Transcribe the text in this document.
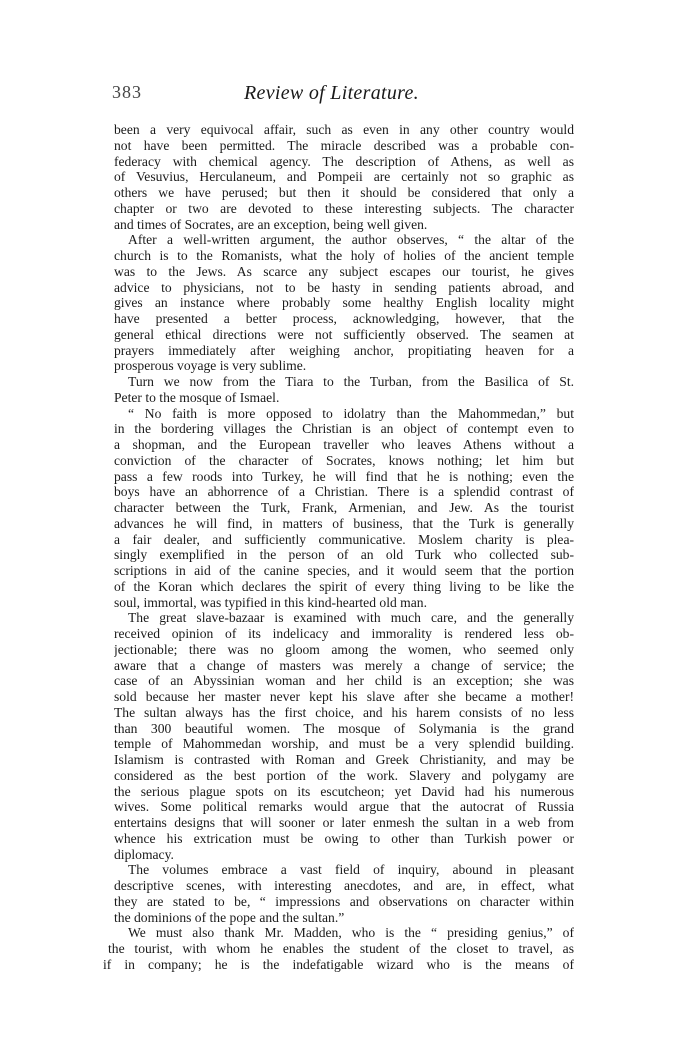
383	Review of Literature.
been a very equivocal affair, such as even in any other country would
not have been permitted. The miracle described was a probable con-
federacy with chemical agency. The description of Athens, as well as
of Vesuvius, Herculaneum, and Pompeii are certainly not so graphic as
others we have perused; but then it should be considered that only a
chapter or two are devoted to these interesting subjects. The character
and times of Socrates, are an exception, being well given.
After a well-written argument, the author observes, “ the altar of the
church is to the Romanists, what the holy of holies of the ancient temple
was to the Jews. As scarce any subject escapes our tourist, he gives
advice to physicians, not to be hasty in sending patients abroad, and
gives an instance where probably some healthy English locality might
have presented a better process, acknowledging, however, that the
general ethical directions were not sufficiently observed. The seamen at
prayers immediately after weighing anchor, propitiating heaven for a
prosperous voyage is very sublime.
Turn we now from the Tiara to the Turban, from the Basilica of St.
Peter to the mosque of Ismael.
“ No faith is more opposed to idolatry than the Mahommedan,” but
in the bordering villages the Christian is an object of contempt even to
a shopman, and the European traveller who leaves Athens without a
conviction of the character of Socrates, knows nothing; let him but
pass a few roods into Turkey, he will find that he is nothing; even the
boys have an abhorrence of a Christian. There is a splendid contrast of
character between the Turk, Frank, Armenian, and Jew. As the tourist
advances he will find, in matters of business, that the Turk is generally
a fair dealer, and sufficiently communicative. Moslem charity is plea-
singly exemplified in the person of an old Turk who collected sub-
scriptions in aid of the canine species, and it would seem that the portion
of the Koran which declares the spirit of every thing living to be like the
soul, immortal, was typified in this kind-hearted old man.
The great slave-bazaar is examined with much care, and the generally
received opinion of its indelicacy and immorality is rendered less ob-
jectionable; there was no gloom among the women, who seemed only
aware that a change of masters was merely a change of service; the
case of an Abyssinian woman and her child is an exception; she was
sold because her master never kept his slave after she became a mother!
The sultan always has the first choice, and his harem consists of no less
than 300 beautiful women. The mosque of Solymania is the grand
temple of Mahommedan worship, and must be a very splendid building.
Islamism is contrasted with Roman and Greek Christianity, and may be
considered as the best portion of the work. Slavery and polygamy are
the serious plague spots on its escutcheon; yet David had his numerous
wives. Some political remarks would argue that the autocrat of Russia
entertains designs that will sooner or later enmesh the sultan in a web from
whence his extrication must be owing to other than Turkish power or
diplomacy.
The volumes embrace a vast field of inquiry, abound in pleasant
descriptive scenes, with interesting anecdotes, and are, in effect, what
they are stated to be, “ impressions and observations on character within
the dominions of the pope and the sultan.”
We must also thank Mr. Madden, who is the “ presiding genius,” of
the tourist, with whom he enables the student of the closet to travel, as
if in company; he is the indefatigable wizard who is the means of
